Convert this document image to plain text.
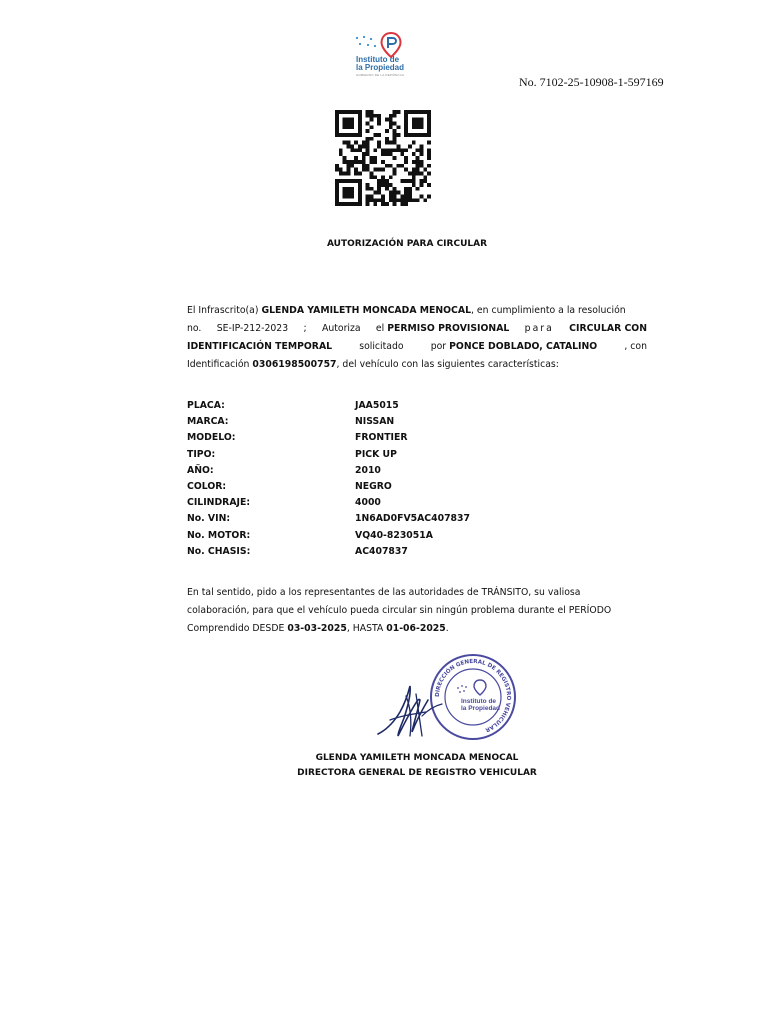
Instituto de
la Propiedad
GOBIERNO DE LA REPÚBLICA	No. 7102-25-10908-1-597169
AUTORIZACIÓN PARA CIRCULAR
El Infrascrito(a) GLENDA YAMILETH MONCADA MENOCAL, en cumplimiento a la resolución
no. SE-IP-212-2023 ; Autoriza el PERMISO PROVISIONAL para CIRCULAR CON
IDENTIFICACIÓN TEMPORAL	solicitado	por PONCE DOBLADO, CATALINO	, con
Identificación 0306198500757, del vehículo con las siguientes características:
PLACA:	JAA5015
MARCA:	NISSAN
MODELO:	FRONTIER
TIPO:	PICK UP
AÑO:	2010
COLOR:	NEGRO
CILINDRAJE:	4000
No. VIN:	1N6AD0FV5AC407837
No. MOTOR:	VQ40-823051A
No. CHASIS:	AC407837
En tal sentido, pido a los representantes de las autoridades de TRÁNSITO, su valiosa
colaboración, para que el vehículo pueda circular sin ningún problema durante el PERÍODO
Comprendido DESDE 03-03-2025, HASTA 01-06-2025.
DIRECCIÓN GENERAL DE REGISTRO VEHICULAR
Instituto de
la Propiedad
GLENDA YAMILETH MONCADA MENOCAL
DIRECTORA GENERAL DE REGISTRO VEHICULAR
